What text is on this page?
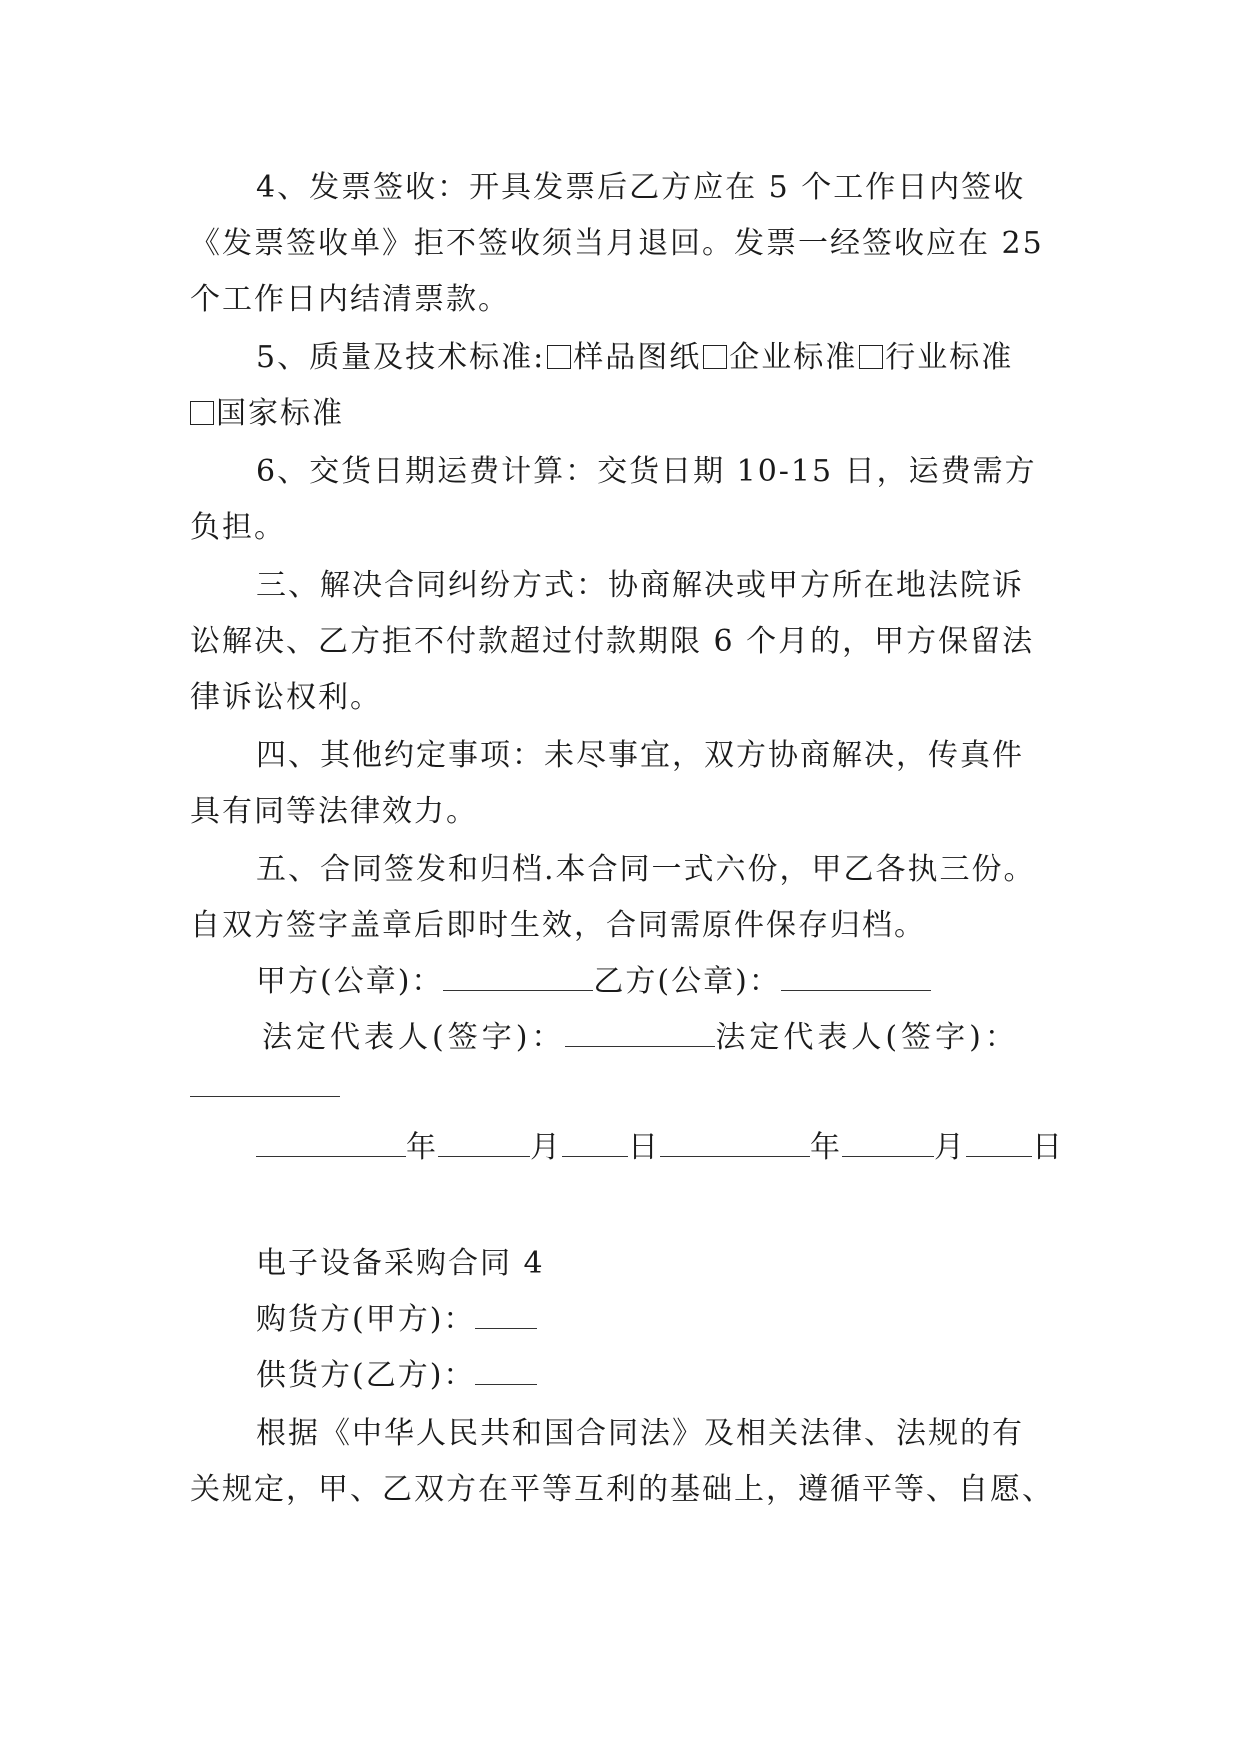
4、发票签收：开具发票后乙方应在 5 个工作日内签收
《发票签收单》拒不签收须当月退回。发票一经签收应在 25
个工作日内结清票款。
5、质量及技术标准: 样品图纸 企业标准 行业标准
国家标准
6、交货日期运费计算：交货日期 10-15 日，运费需方
负担。
三、解决合同纠纷方式：协商解决或甲方所在地法院诉
讼解决、乙方拒不付款超过付款期限 6 个月的，甲方保留法
律诉讼权利。
四、其他约定事项：未尽事宜，双方协商解决，传真件
具有同等法律效力。
五、合同签发和归档.本合同一式六份，甲乙各执三份。
自双方签字盖章后即时生效，合同需原件保存归档。
甲方(公章)：	乙方(公章)：
法定代表人(签字)：	法定代表人(签字)：
年	月 日	年	月 日
电子设备采购合同 4
购货方(甲方)：
供货方(乙方)：
根据《中华人民共和国合同法》及相关法律、法规的有
关规定，甲、乙双方在平等互利的基础上，遵循平等、自愿、
